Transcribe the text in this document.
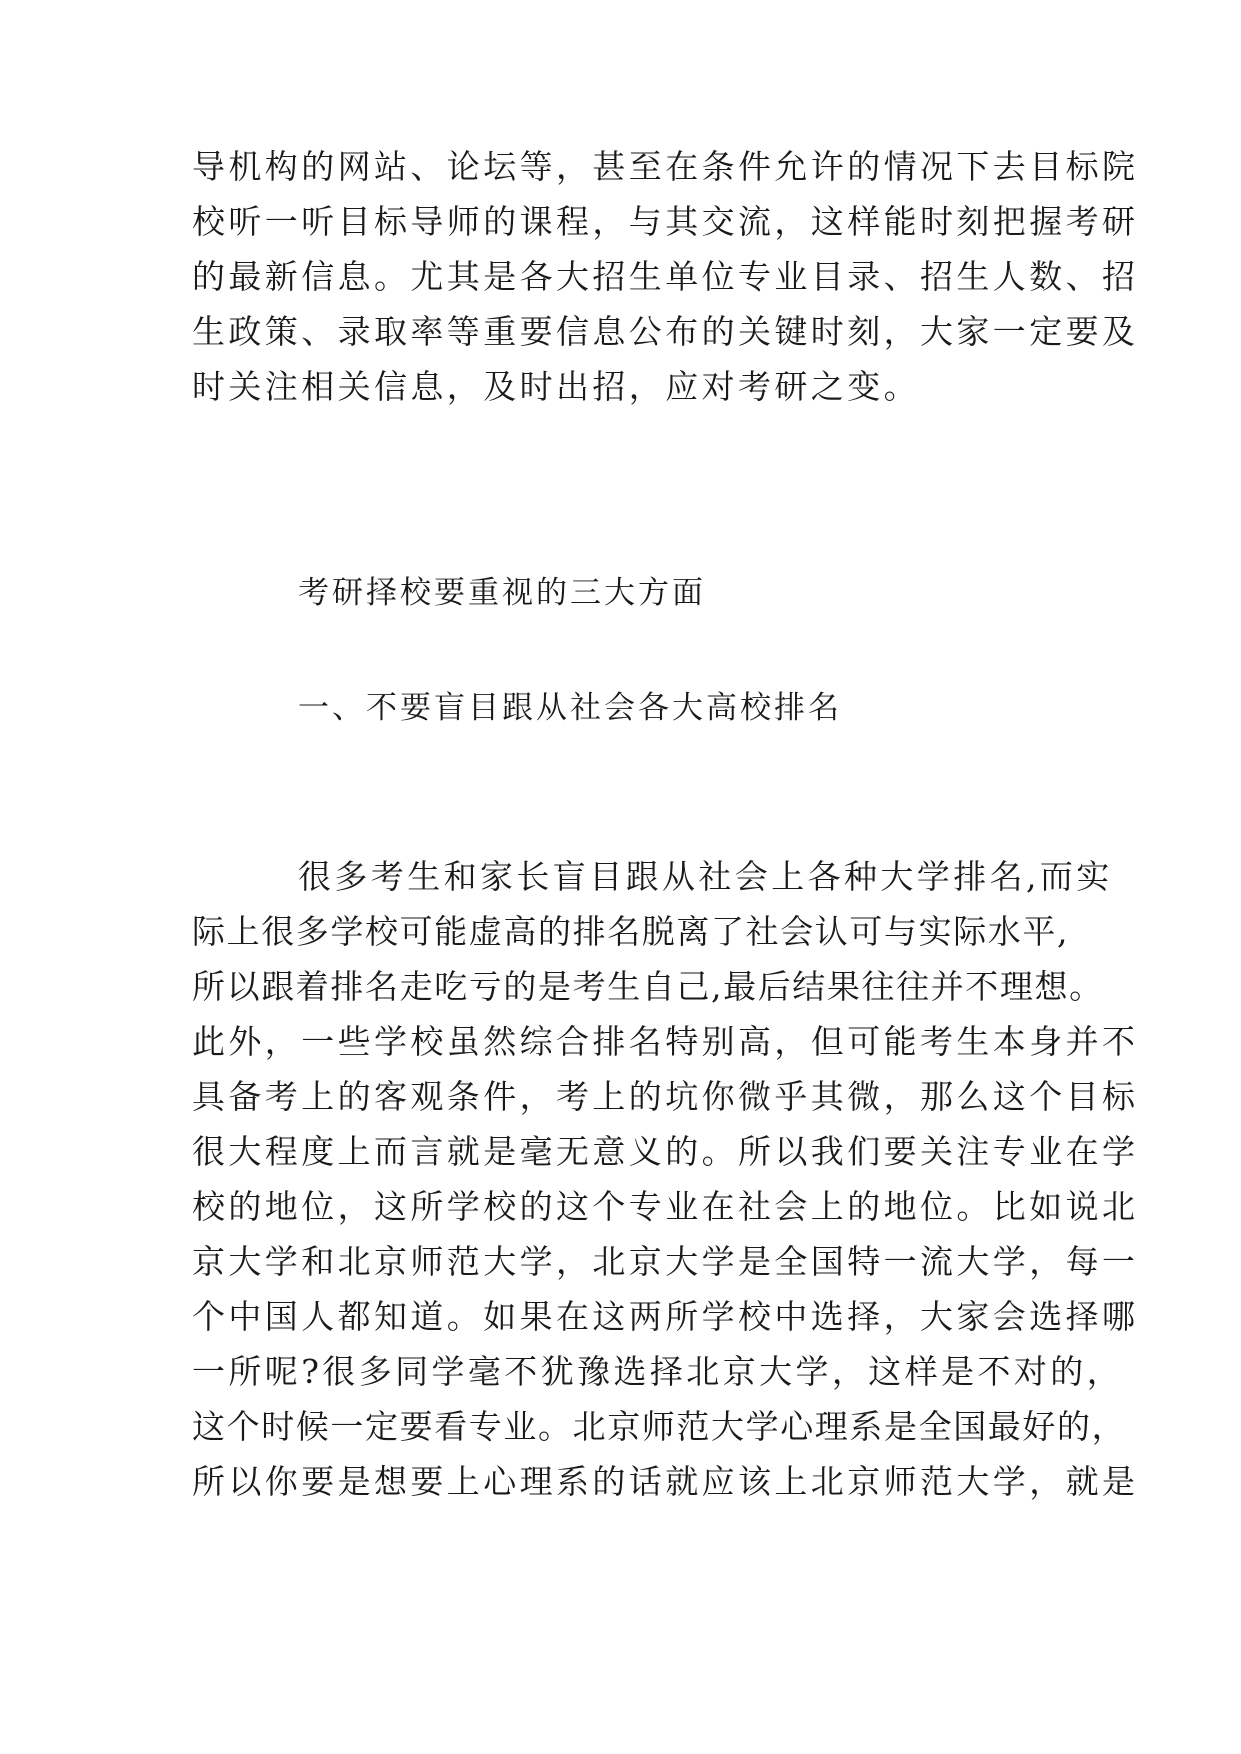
导机构的网站、论坛等，甚至在条件允许的情况下去目标院
校听一听目标导师的课程，与其交流，这样能时刻把握考研
的最新信息。尤其是各大招生单位专业目录、招生人数、招
生政策、录取率等重要信息公布的关键时刻，大家一定要及
时关注相关信息，及时出招，应对考研之变。
考研择校要重视的三大方面
一、不要盲目跟从社会各大高校排名
很多考生和家长盲目跟从社会上各种大学排名,而实
际上很多学校可能虚高的排名脱离了社会认可与实际水平,
所以跟着排名走吃亏的是考生自己,最后结果往往并不理想。
此外，一些学校虽然综合排名特别高，但可能考生本身并不
具备考上的客观条件，考上的坑你微乎其微，那么这个目标
很大程度上而言就是毫无意义的。所以我们要关注专业在学
校的地位，这所学校的这个专业在社会上的地位。比如说北
京大学和北京师范大学，北京大学是全国特一流大学，每一
个中国人都知道。如果在这两所学校中选择，大家会选择哪
一所呢?很多同学毫不犹豫选择北京大学，这样是不对的，
这个时候一定要看专业。北京师范大学心理系是全国最好的，
所以你要是想要上心理系的话就应该上北京师范大学，就是
